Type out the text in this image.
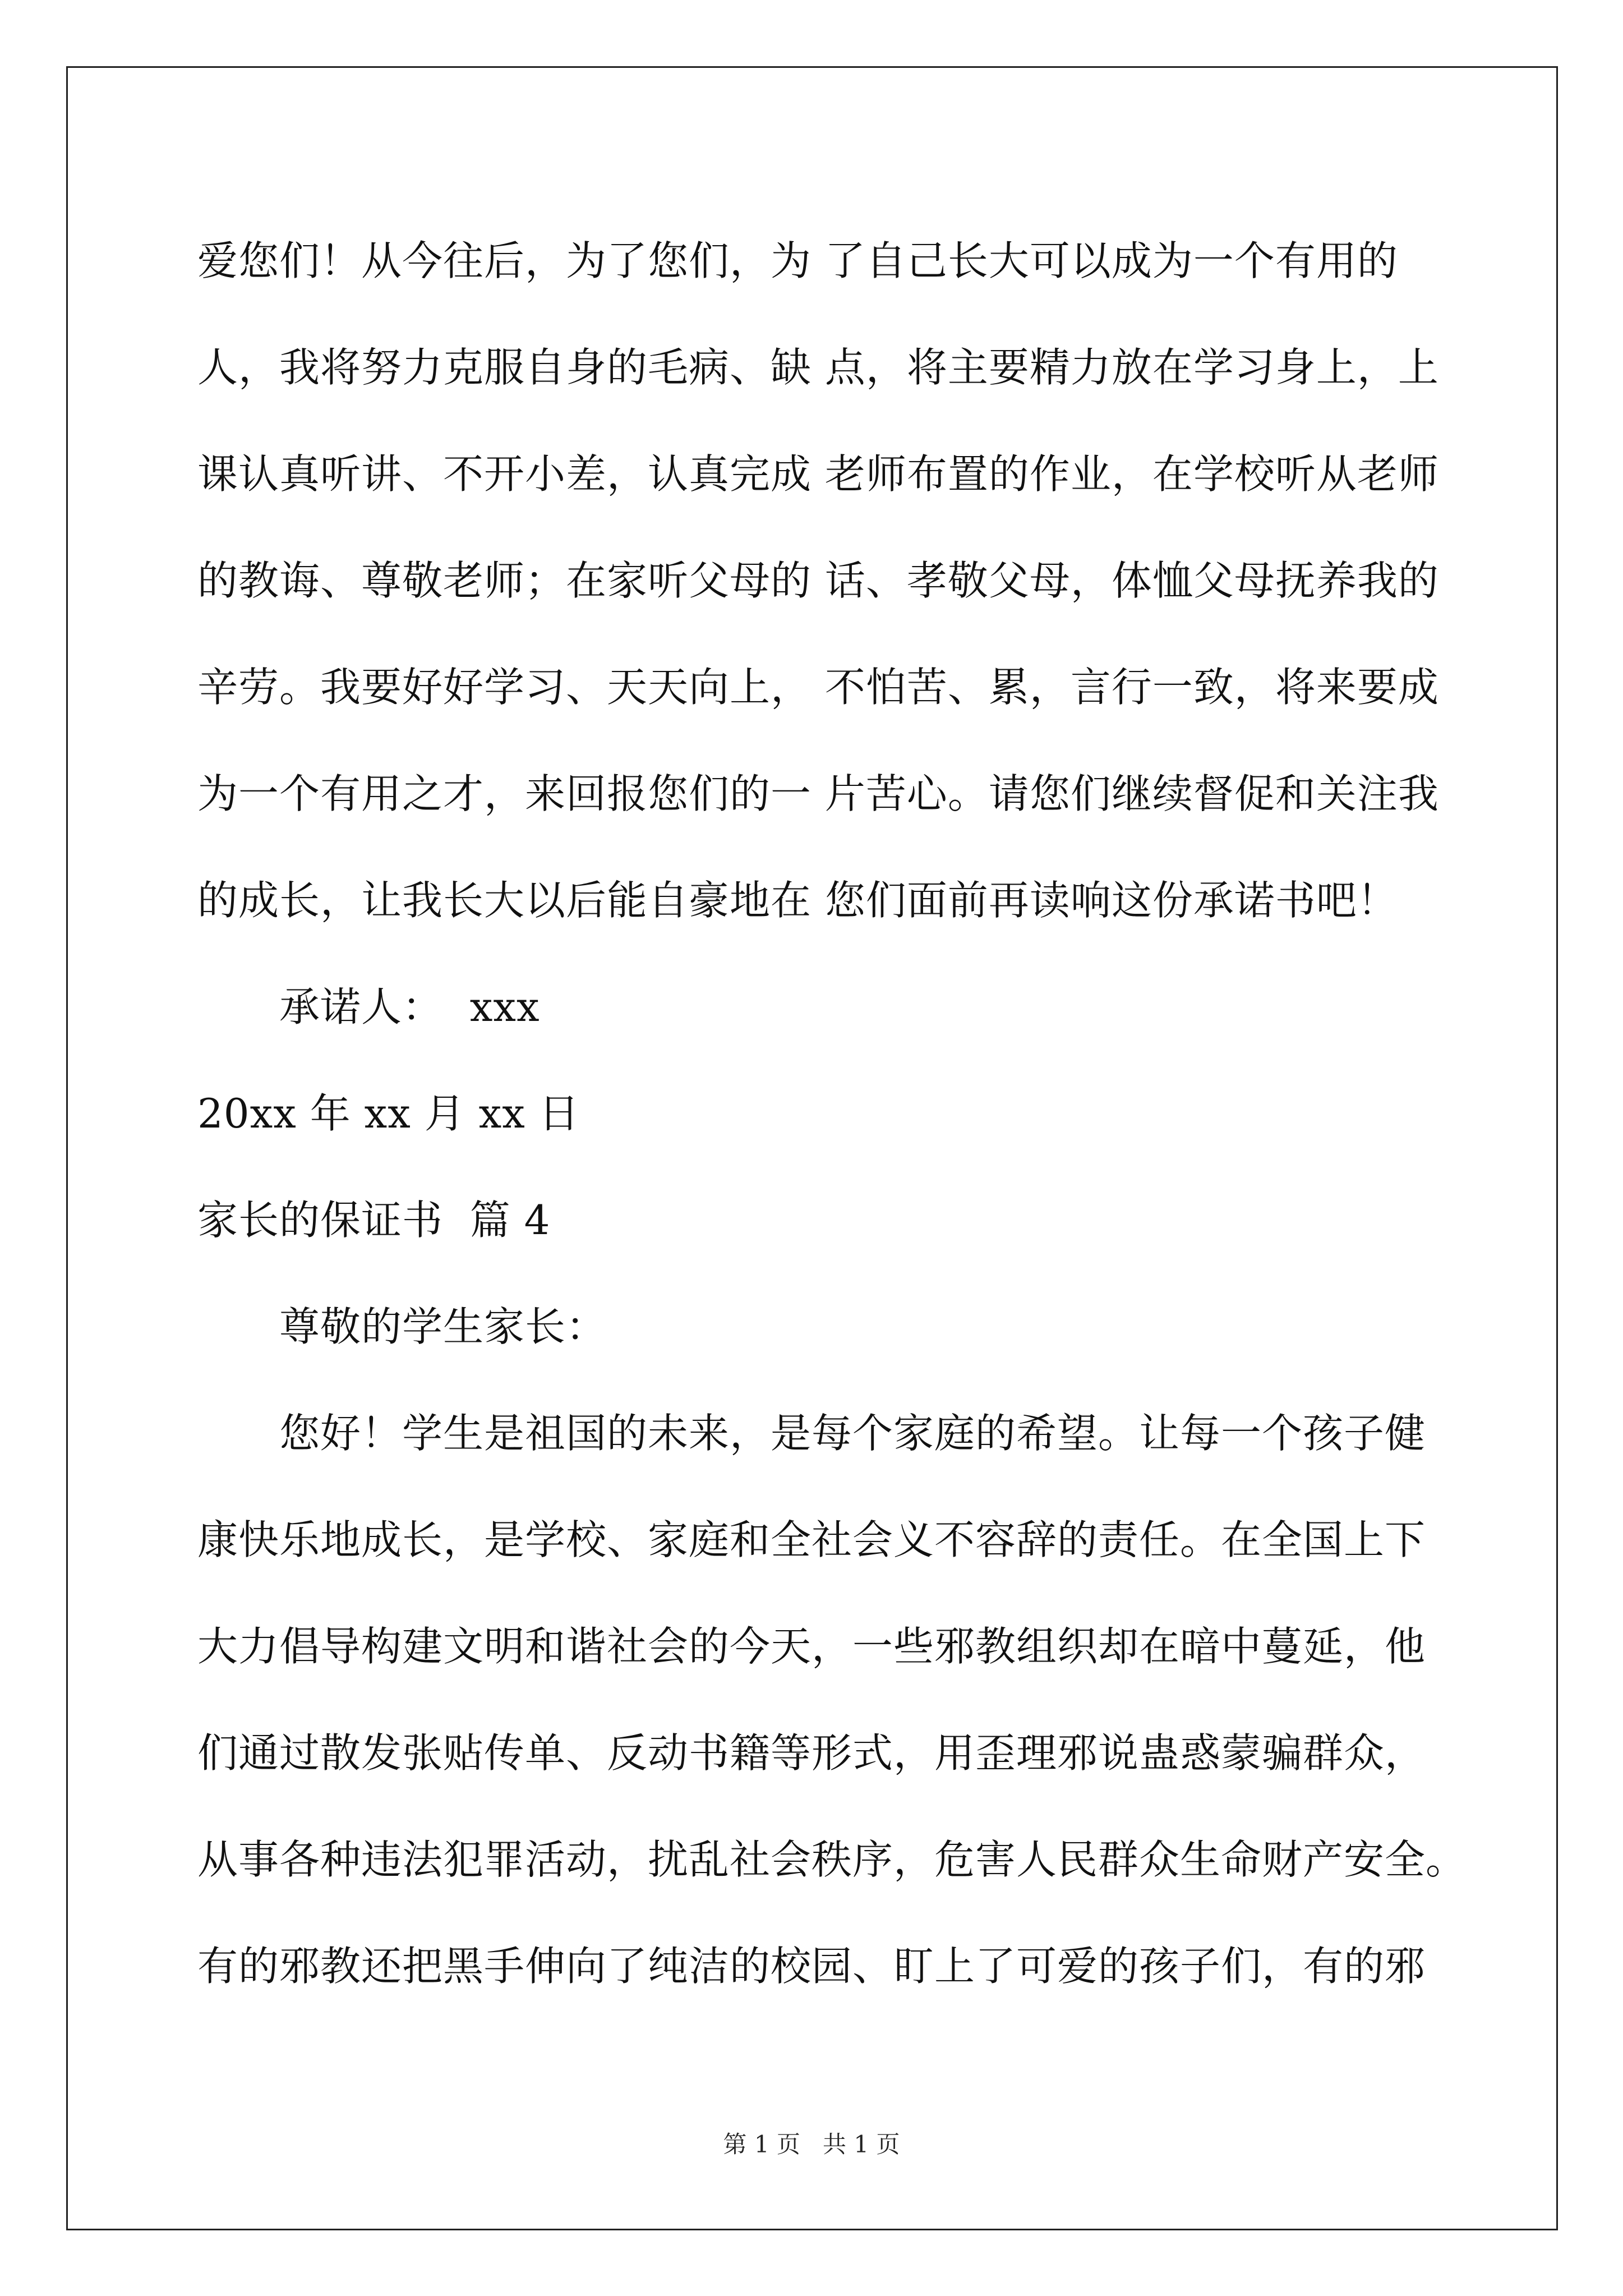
爱您们！从今往后，为了您们，为 了自己长大可以成为一个有用的
人，我将努力克服自身的毛病、缺 点，将主要精力放在学习身上，上
课认真听讲、不开小差，认真完成 老师布置的作业，在学校听从老师
的教诲、尊敬老师；在家听父母的 话、孝敬父母，体恤父母抚养我的
辛劳。我要好好学习、天天向上， 不怕苦、累，言行一致，将来要成
为一个有用之才，来回报您们的一 片苦心。请您们继续督促和关注我
的成长，让我长大以后能自豪地在 您们面前再读响这份承诺书吧！
承诺人：  xxx
20xx 年 xx 月 xx 日
家长的保证书  篇 4
尊敬的学生家长：
您好！学生是祖国的未来，是每个家庭的希望。让每一个孩子健
康快乐地成长，是学校、家庭和全社会义不容辞的责任。在全国上下
大力倡导构建文明和谐社会的今天，一些邪教组织却在暗中蔓延，他
们通过散发张贴传单、反动书籍等形式，用歪理邪说蛊惑蒙骗群众，
从事各种违法犯罪活动，扰乱社会秩序，危害人民群众生命财产安全。
有的邪教还把黑手伸向了纯洁的校园、盯上了可爱的孩子们，有的邪
第 1 页   共 1 页
